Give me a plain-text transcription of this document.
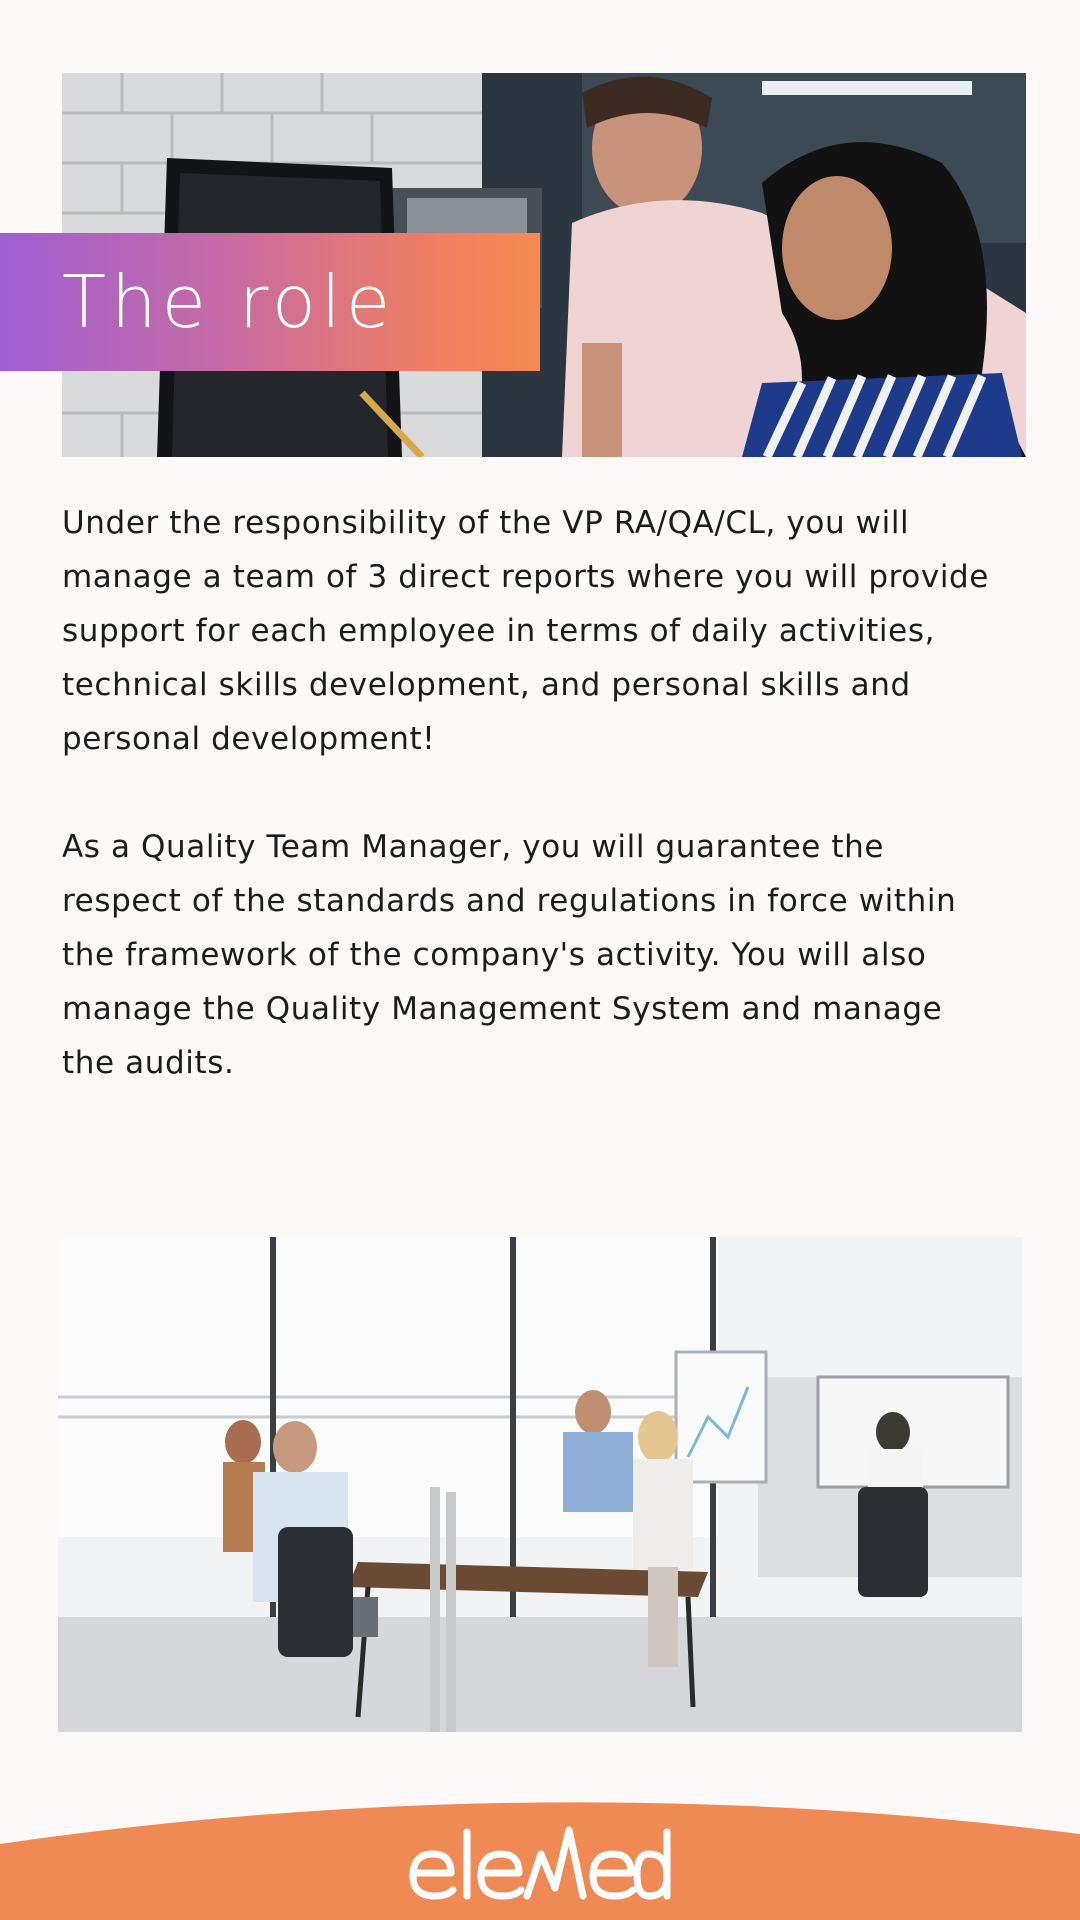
The role

Under the responsibility of the VP RA/QA/CL, you will manage a team of 3 direct reports where you will provide support for each employee in terms of daily activities, technical skills development, and personal skills and personal development!

As a Quality Team Manager, you will guarantee the respect of the standards and regulations in force within the framework of the company's activity. You will also manage the Quality Management System and manage the audits.
